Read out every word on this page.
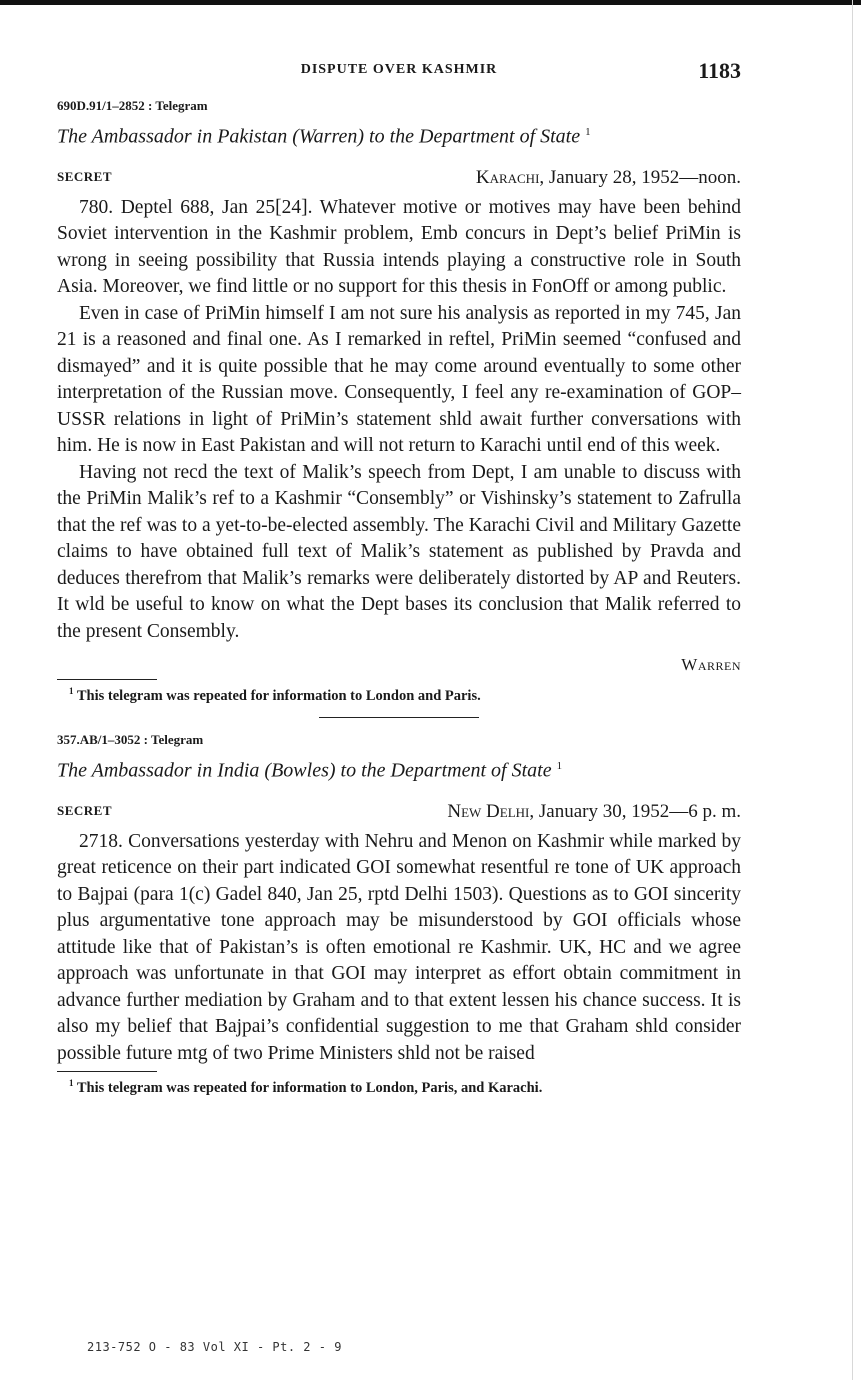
DISPUTE OVER KASHMIR	1183
690D.91/1–2852 : Telegram
The Ambassador in Pakistan (Warren) to the Department of State $^1$
SECRET	Karachi, January 28, 1952—noon.

780. Deptel 688, Jan 25[24]. Whatever motive or motives may have been behind Soviet intervention in the Kashmir problem, Emb concurs in Dept’s belief PriMin is wrong in seeing possibility that Russia intends playing a constructive role in South Asia. Moreover, we find little or no support for this thesis in FonOff or among public.

Even in case of PriMin himself I am not sure his analysis as reported in my 745, Jan 21 is a reasoned and final one. As I remarked in reftel, PriMin seemed “confused and dismayed” and it is quite possible that he may come around eventually to some other interpretation of the Russian move. Consequently, I feel any re-examination of GOP–USSR relations in light of PriMin’s statement shld await further conversations with him. He is now in East Pakistan and will not return to Karachi until end of this week.

Having not recd the text of Malik’s speech from Dept, I am unable to discuss with the PriMin Malik’s ref to a Kashmir “Consembly” or Vishinsky’s statement to Zafrulla that the ref was to a yet-to-be-elected assembly. The Karachi Civil and Military Gazette claims to have obtained full text of Malik’s statement as published by Pravda and deduces therefrom that Malik’s remarks were deliberately distorted by AP and Reuters. It wld be useful to know on what the Dept bases its conclusion that Malik referred to the present Consembly.

Warren
$^1$ This telegram was repeated for information to London and Paris.
357.AB/1–3052 : Telegram
The Ambassador in India (Bowles) to the Department of State $^1$
SECRET	New Delhi, January 30, 1952—6 p. m.

2718. Conversations yesterday with Nehru and Menon on Kashmir while marked by great reticence on their part indicated GOI somewhat resentful re tone of UK approach to Bajpai (para 1(c) Gadel 840, Jan 25, rptd Delhi 1503). Questions as to GOI sincerity plus argumentative tone approach may be misunderstood by GOI officials whose attitude like that of Pakistan’s is often emotional re Kashmir. UK, HC and we agree approach was unfortunate in that GOI may interpret as effort obtain commitment in advance further mediation by Graham and to that extent lessen his chance success. It is also my belief that Bajpai’s confidential suggestion to me that Graham shld consider possible future mtg of two Prime Ministers shld not be raised

$^1$ This telegram was repeated for information to London, Paris, and Karachi.
213-752 O - 83 Vol XI - Pt. 2 - 9
